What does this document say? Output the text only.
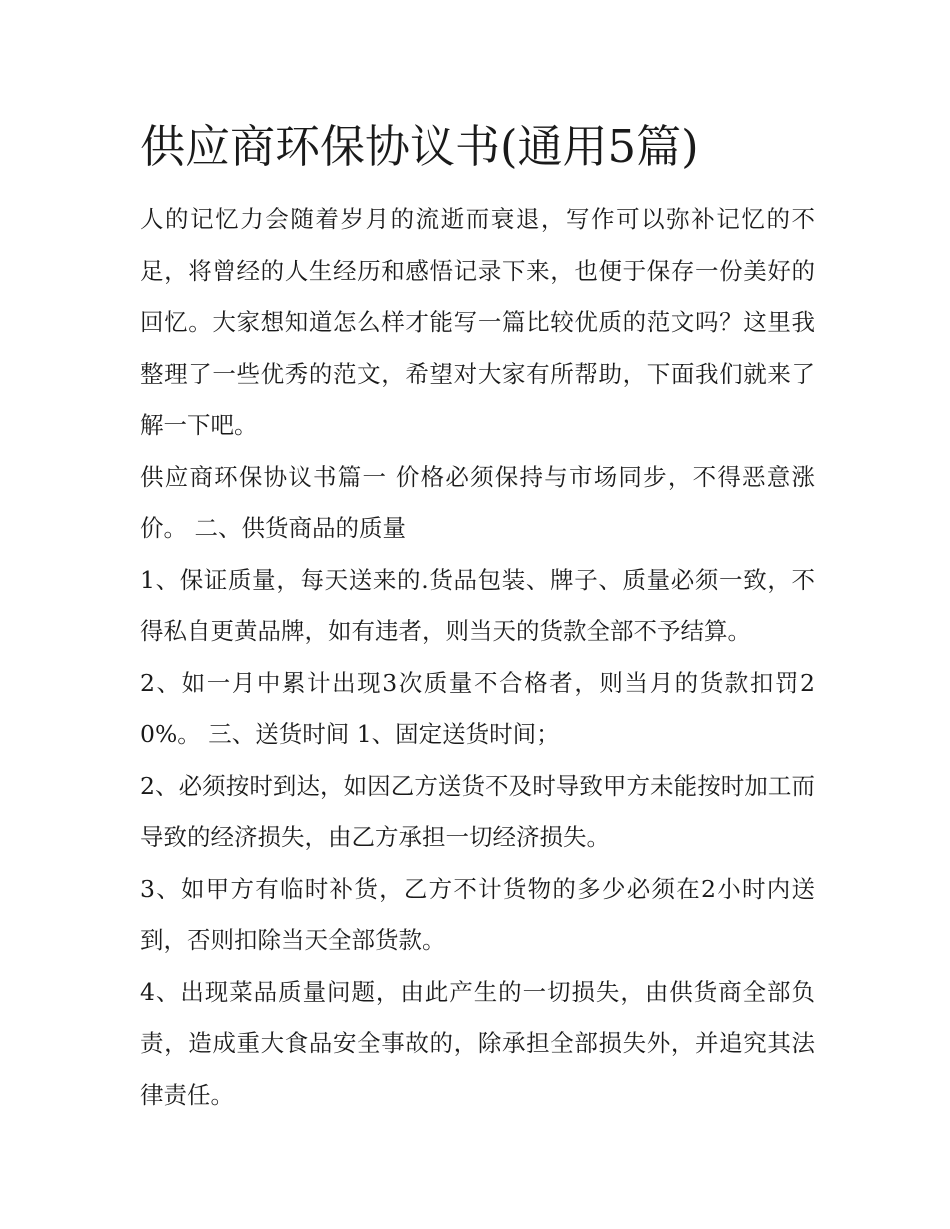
供应商环保协议书(通用5篇)

人的记忆力会随着岁月的流逝而衰退，写作可以弥补记忆的不足，将曾经的人生经历和感悟记录下来，也便于保存一份美好的回忆。大家想知道怎么样才能写一篇比较优质的范文吗？这里我整理了一些优秀的范文，希望对大家有所帮助，下面我们就来了解一下吧。

供应商环保协议书篇一 价格必须保持与市场同步，不得恶意涨价。 二、供货商品的质量

1、保证质量，每天送来的.货品包装、牌子、质量必须一致，不得私自更黄品牌，如有违者，则当天的货款全部不予结算。

2、如一月中累计出现3次质量不合格者，则当月的货款扣罚20%。 三、送货时间 1、固定送货时间；

2、必须按时到达，如因乙方送货不及时导致甲方未能按时加工而导致的经济损失，由乙方承担一切经济损失。

3、如甲方有临时补货，乙方不计货物的多少必须在2小时内送到，否则扣除当天全部货款。

4、出现菜品质量问题，由此产生的一切损失，由供货商全部负责，造成重大食品安全事故的，除承担全部损失外，并追究其法律责任。
